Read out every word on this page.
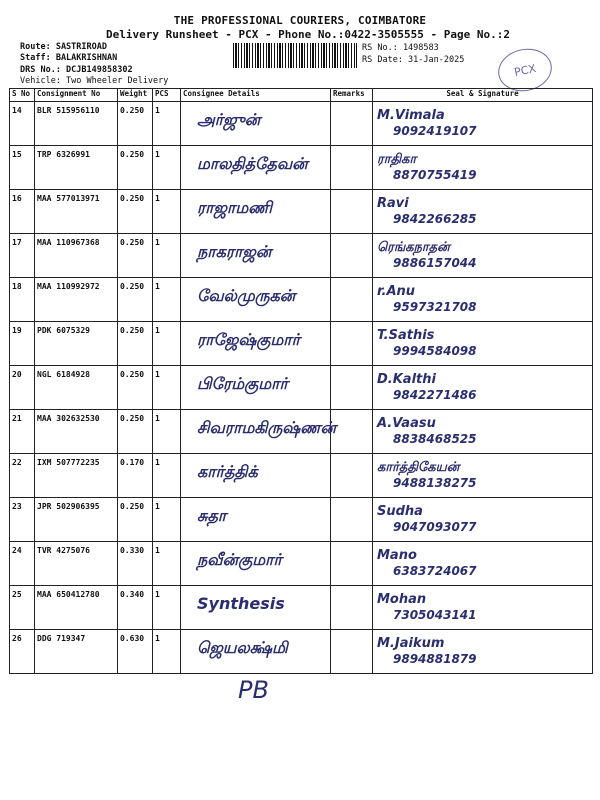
THE PROFESSIONAL COURIERS, COIMBATORE
Delivery Runsheet - PCX - Phone No.:0422-3505555 - Page No.:2
Route: SASTRIROAD
Staff: BALAKRISHNAN
DRS No.: DCJB149858302
Vehicle: Two Wheeler Delivery
RS No.: 1498583
RS Date: 31-Jan-2025
PCX
S No	Consignment No	Weight	PCS	Consignee Details	Remarks	Seal & Signature
14	BLR 515956110	0.250	1	அர்ஜுன்		M.Vimala
9092419107

15	TRP 6326991	0.250	1	மாலதித்தேவன்		ராதிகா
8870755419

16	MAA 577013971	0.250	1	ராஜாமணி		Ravi
9842266285

17	MAA 110967368	0.250	1	நாகராஜன்		ரெங்கநாதன்
9886157044

18	MAA 110992972	0.250	1	வேல்முருகன்		r.Anu
9597321708

19	PDK 6075329	0.250	1	ராஜேஷ்குமார்		T.Sathis
9994584098

20	NGL 6184928	0.250	1	பிரேம்குமார்		D.Kalthi
9842271486

21	MAA 302632530	0.250	1	சிவராமகிருஷ்ணன்		A.Vaasu
8838468525

22	IXM 507772235	0.170	1	கார்த்திக்		கார்த்திகேயன்
9488138275

23	JPR 502906395	0.250	1	சுதா		Sudha
9047093077

24	TVR 4275076	0.330	1	நவீன்குமார்		Mano
6383724067

25	MAA 650412780	0.340	1	Synthesis		Mohan
7305043141

26	DDG 719347	0.630	1	ஜெயலக்ஷ்மி		M.Jaikum
9894881879
PB
